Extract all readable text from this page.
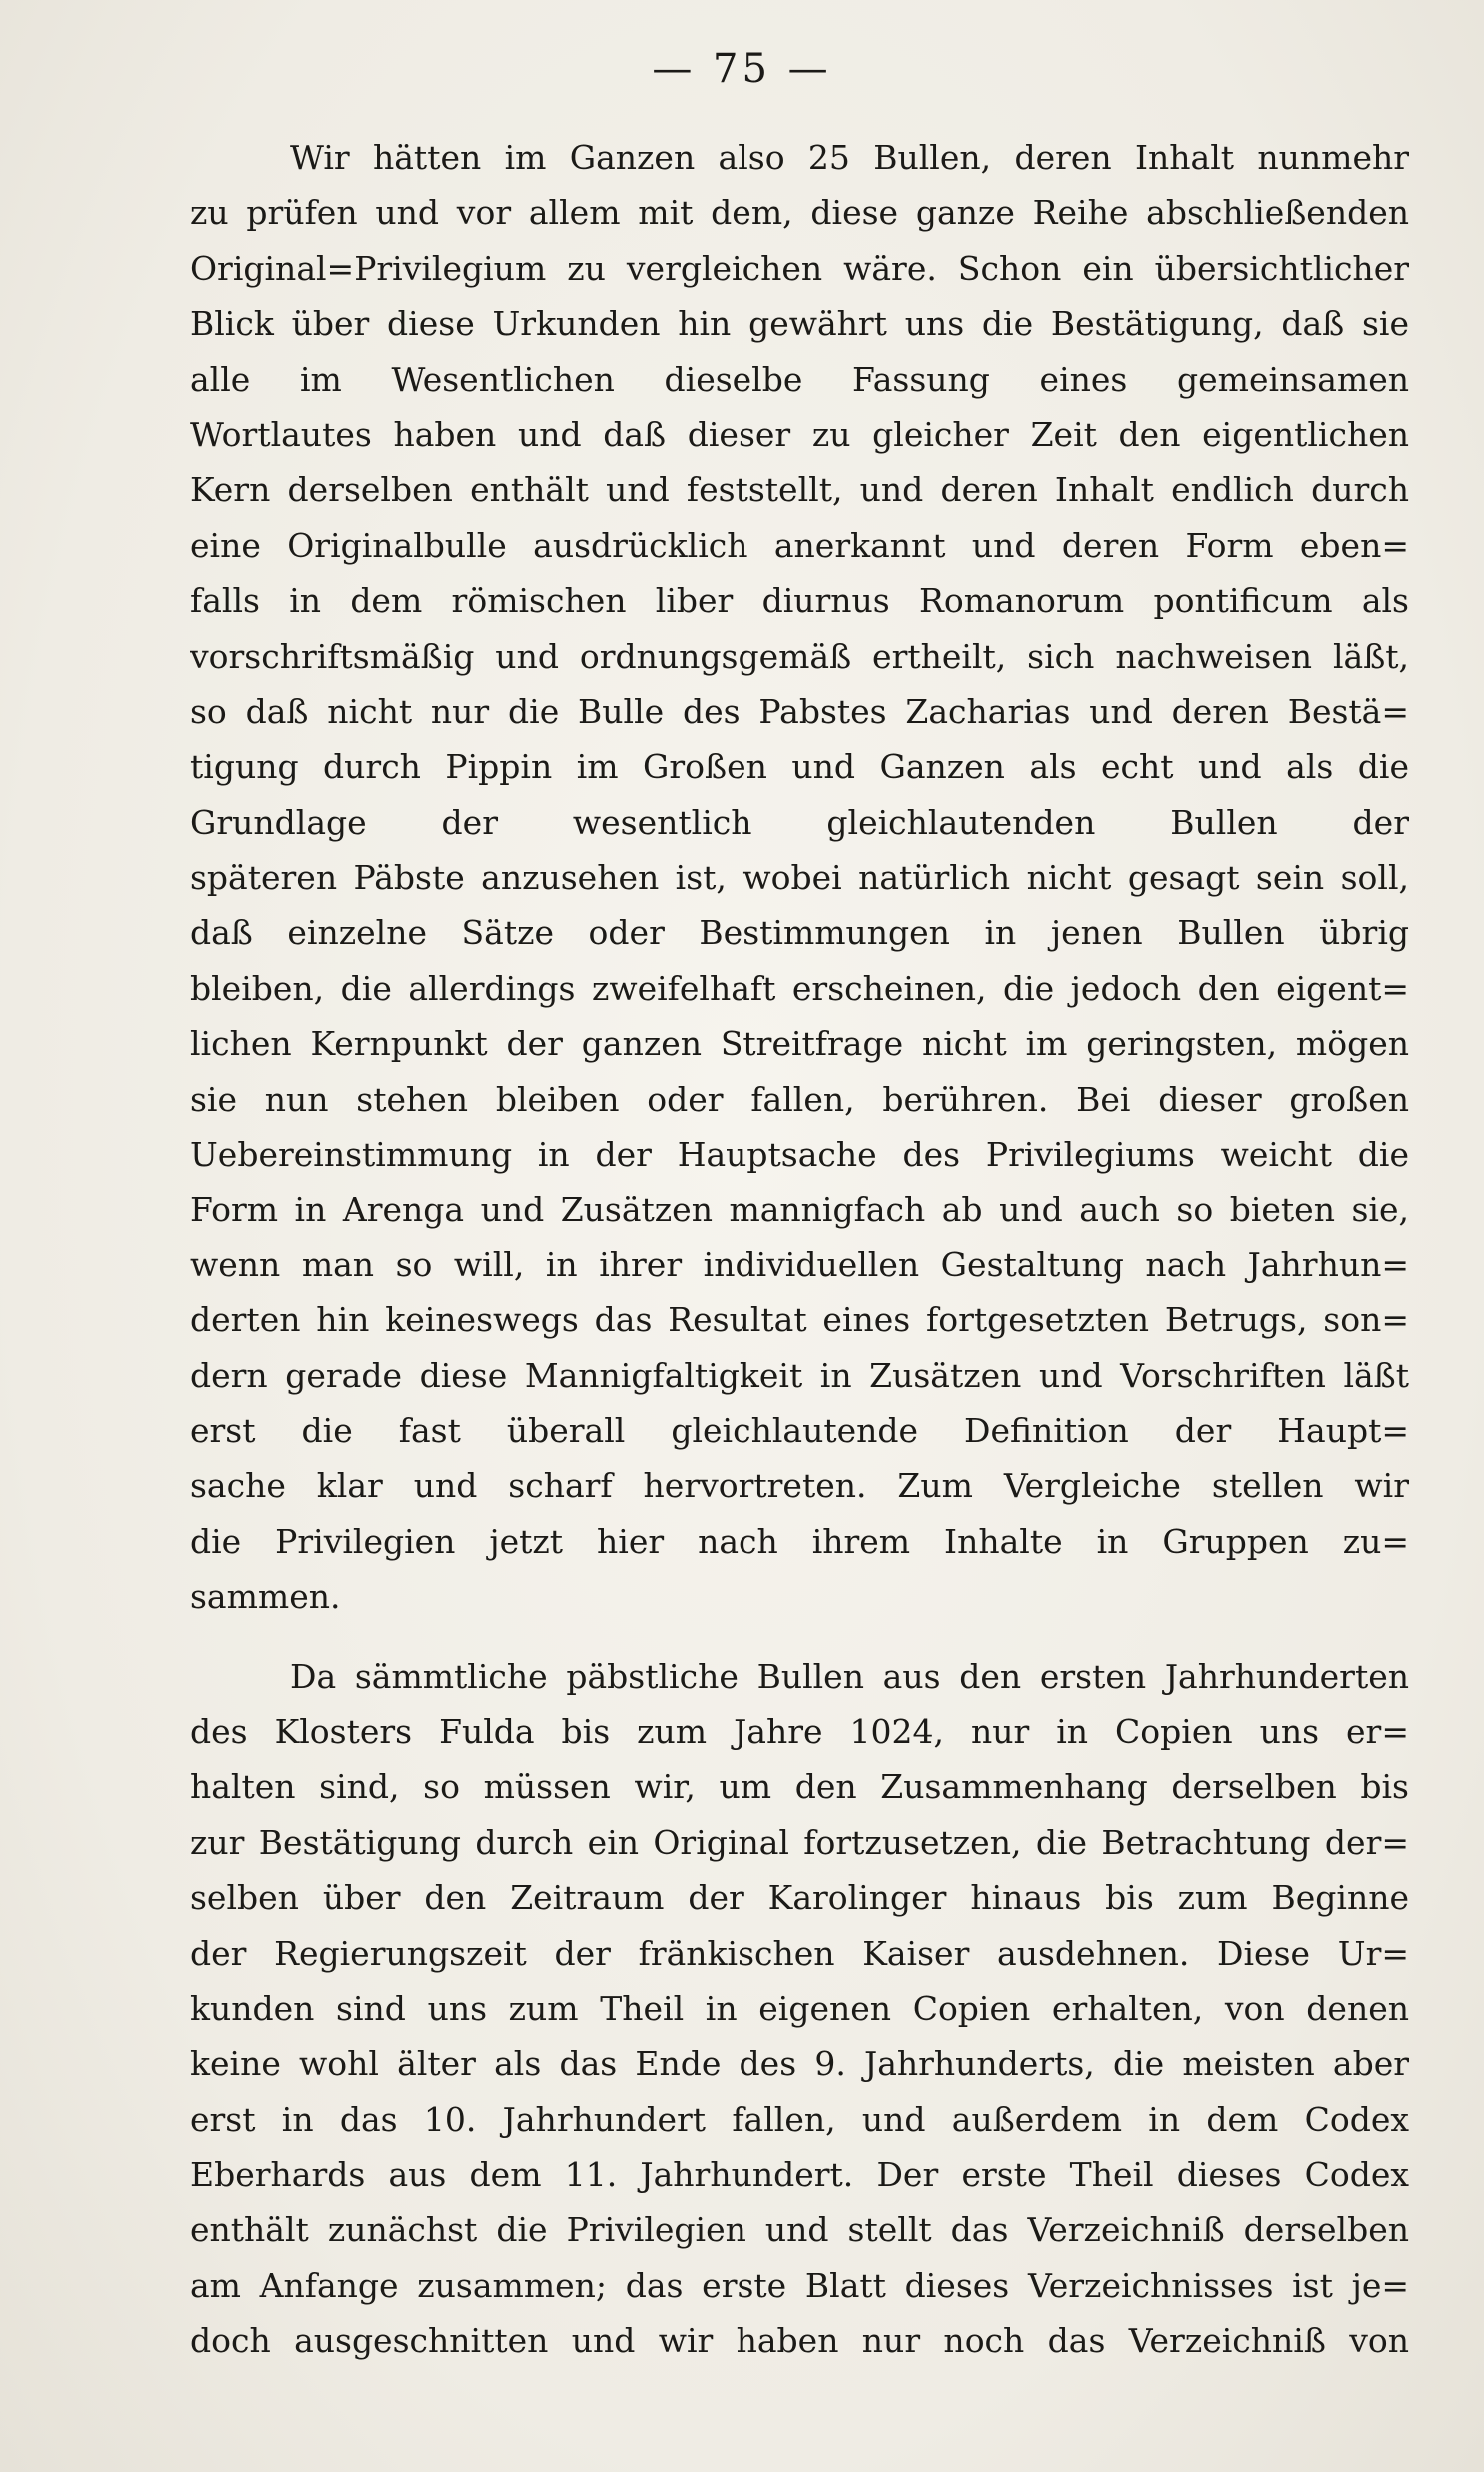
— 75 —
Wir hätten im Ganzen also 25 Bullen, deren Inhalt nunmehr
zu prüfen und vor allem mit dem, diese ganze Reihe abschließenden
Original=Privilegium zu vergleichen wäre. Schon ein übersichtlicher
Blick über diese Urkunden hin gewährt uns die Bestätigung, daß sie
alle im Wesentlichen dieselbe Fassung eines gemeinsamen
Wortlautes haben und daß dieser zu gleicher Zeit den eigentlichen
Kern derselben enthält und feststellt, und deren Inhalt endlich durch
eine Originalbulle ausdrücklich anerkannt und deren Form eben=
falls in dem römischen liber diurnus Romanorum pontificum als
vorschriftsmäßig und ordnungsgemäß ertheilt, sich nachweisen läßt,
so daß nicht nur die Bulle des Pabstes Zacharias und deren Bestä=
tigung durch Pippin im Großen und Ganzen als echt und als die
Grundlage der wesentlich gleichlautenden Bullen der
späteren Päbste anzusehen ist, wobei natürlich nicht gesagt sein soll,
daß einzelne Sätze oder Bestimmungen in jenen Bullen übrig
bleiben, die allerdings zweifelhaft erscheinen, die jedoch den eigent=
lichen Kernpunkt der ganzen Streitfrage nicht im geringsten, mögen
sie nun stehen bleiben oder fallen, berühren. Bei dieser großen
Uebereinstimmung in der Hauptsache des Privilegiums weicht die
Form in Arenga und Zusätzen mannigfach ab und auch so bieten sie,
wenn man so will, in ihrer individuellen Gestaltung nach Jahrhun=
derten hin keineswegs das Resultat eines fortgesetzten Betrugs, son=
dern gerade diese Mannigfaltigkeit in Zusätzen und Vorschriften läßt
erst die fast überall gleichlautende Definition der Haupt=
sache klar und scharf hervortreten. Zum Vergleiche stellen wir
die Privilegien jetzt hier nach ihrem Inhalte in Gruppen zu=
sammen.
Da sämmtliche päbstliche Bullen aus den ersten Jahrhunderten
des Klosters Fulda bis zum Jahre 1024, nur in Copien uns er=
halten sind, so müssen wir, um den Zusammenhang derselben bis
zur Bestätigung durch ein Original fortzusetzen, die Betrachtung der=
selben über den Zeitraum der Karolinger hinaus bis zum Beginne
der Regierungszeit der fränkischen Kaiser ausdehnen. Diese Ur=
kunden sind uns zum Theil in eigenen Copien erhalten, von denen
keine wohl älter als das Ende des 9. Jahrhunderts, die meisten aber
erst in das 10. Jahrhundert fallen, und außerdem in dem Codex
Eberhards aus dem 11. Jahrhundert. Der erste Theil dieses Codex
enthält zunächst die Privilegien und stellt das Verzeichniß derselben
am Anfange zusammen; das erste Blatt dieses Verzeichnisses ist je=
doch ausgeschnitten und wir haben nur noch das Verzeichniß von
